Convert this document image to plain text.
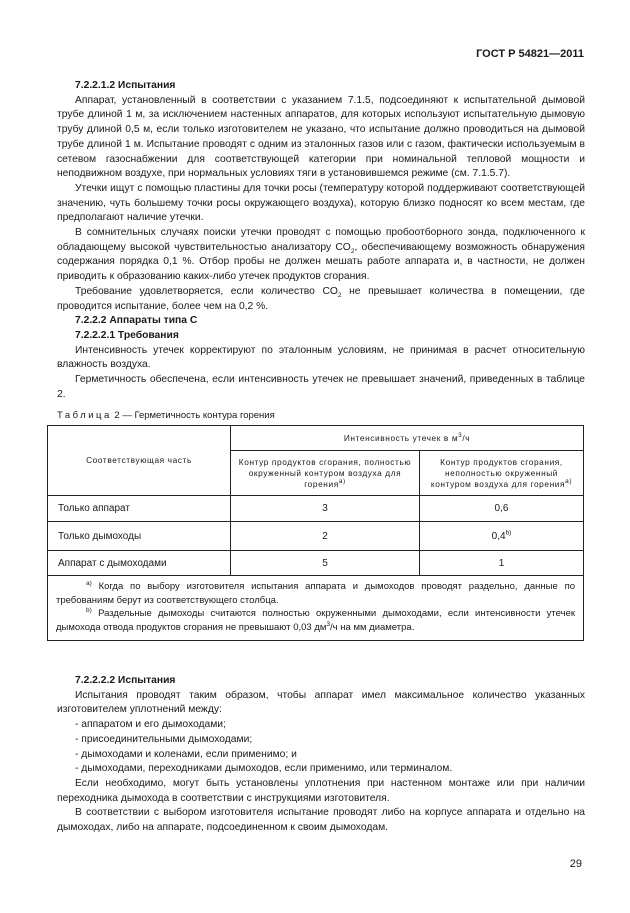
ГОСТ Р 54821—2011
7.2.2.1.2 Испытания
Аппарат, установленный в соответствии с указанием 7.1.5, подсоединяют к испытательной дымовой трубе длиной 1 м, за исключением настенных аппаратов, для которых используют испытательную дымовую трубу длиной 0,5 м, если только изготовителем не указано, что испытание должно проводиться на дымовой трубе длиной 1 м. Испытание проводят с одним из эталонных газов или с газом, фактически используемым в сетевом газоснабжении для соответствующей категории при номинальной тепловой мощности и неподвижном воздухе, при нормальных условиях тяги в установившемся режиме (см. 7.1.5.7).
Утечки ищут с помощью пластины для точки росы (температуру которой поддерживают соответствующей значению, чуть большему точки росы окружающего воздуха), которую близко подносят ко всем местам, где предполагают наличие утечки.
В сомнительных случаях поиски утечки проводят с помощью пробоотборного зонда, подключенного к обладающему высокой чувствительностью анализатору $CO_2$, обеспечивающему возможность обнаружения содержания порядка 0,1 %. Отбор пробы не должен мешать работе аппарата и, в частности, не должен приводить к образованию каких-либо утечек продуктов сгорания.
Требование удовлетворяется, если количество $CO_2$ не превышает количества в помещении, где проводится испытание, более чем на 0,2 %.
7.2.2.2 Аппараты типа С
7.2.2.2.1 Требования
Интенсивность утечек корректируют по эталонным условиям, не принимая в расчет относительную влажность воздуха.
Герметичность обеспечена, если интенсивность утечек не превышает значений, приведенных в таблице 2.
Таблица 2 — Герметичность контура горения
Соответствующая часть	Интенсивность утечек в $м^3/ч$	
	Контур продуктов сгорания, полностью окруженный контуром воздуха для горения$^{a)}$	Контур продуктов сгорания, неполностью окруженный контуром воздуха для горения$^{a)}$
Только аппарат	3	0,6
Только дымоходы	2	0,4$^{b)}$
Аппарат с дымоходами	5	1

$^{a)}$ Когда по выбору изготовителя испытания аппарата и дымоходов проводят раздельно, данные по требованиям берут из соответствующего столбца.
$^{b)}$ Раздельные дымоходы считаются полностью окруженными дымоходами, если интенсивности утечек дымохода отвода продуктов сгорания не превышают 0,03 $дм^3/ч$ на мм диаметра.		
7.2.2.2.2 Испытания
Испытания проводят таким образом, чтобы аппарат имел максимальное количество указанных изготовителем уплотнений между:
- аппаратом и его дымоходами;
- присоединительными дымоходами;
- дымоходами и коленами, если применимо; и
- дымоходами, переходниками дымоходов, если применимо, или терминалом.
Если необходимо, могут быть установлены уплотнения при настенном монтаже или при наличии переходника дымохода в соответствии с инструкциями изготовителя.
В соответствии с выбором изготовителя испытание проводят либо на корпусе аппарата и отдельно на дымоходах, либо на аппарате, подсоединенном к своим дымоходам.
29
